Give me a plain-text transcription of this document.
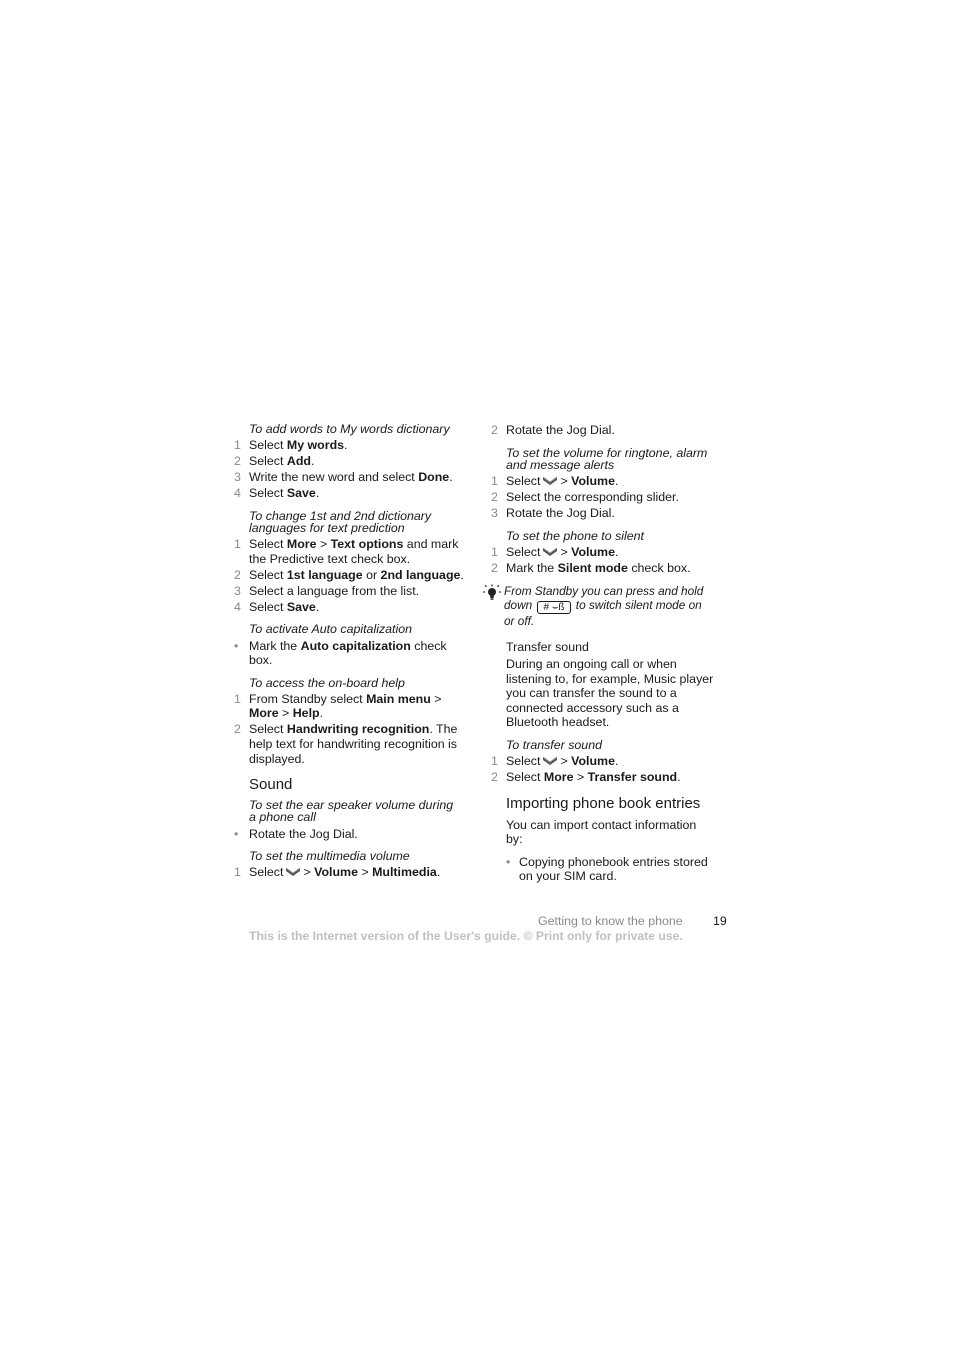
To add words to My words dictionary
1 Select My words.
2 Select Add.
3 Write the new word and select Done.
4 Select Save.
To change 1st and 2nd dictionary
languages for text prediction
1 Select More > Text options and mark
the Predictive text check box.
2 Select 1st language or 2nd language.
3 Select a language from the list.
4 Select Save.
To activate Auto capitalization
• Mark the Auto capitalization check
box.
To access the on-board help
1 From Standby select Main menu >
More > Help.
2 Select Handwriting recognition. The
help text for handwriting recognition is
displayed.
Sound
To set the ear speaker volume during
a phone call
• Rotate the Jog Dial.
To set the multimedia volume
1 Select > Volume > Multimedia.
2 Rotate the Jog Dial.
To set the volume for ringtone, alarm
and message alerts
1 Select > Volume.
2 Select the corresponding slider.
3 Rotate the Jog Dial.
To set the phone to silent
1 Select > Volume.
2 Mark the Silent mode check box.
From Standby you can press and hold
down # ⌣ß to switch silent mode on
or off.
Transfer sound
During an ongoing call or when
listening to, for example, Music player
you can transfer the sound to a
connected accessory such as a
Bluetooth headset.
To transfer sound
1 Select > Volume.
2 Select More > Transfer sound.
Importing phone book entries
You can import contact information
by:
• Copying phonebook entries stored
on your SIM card.
Getting to know the phone 19
This is the Internet version of the User's guide. © Print only for private use.
